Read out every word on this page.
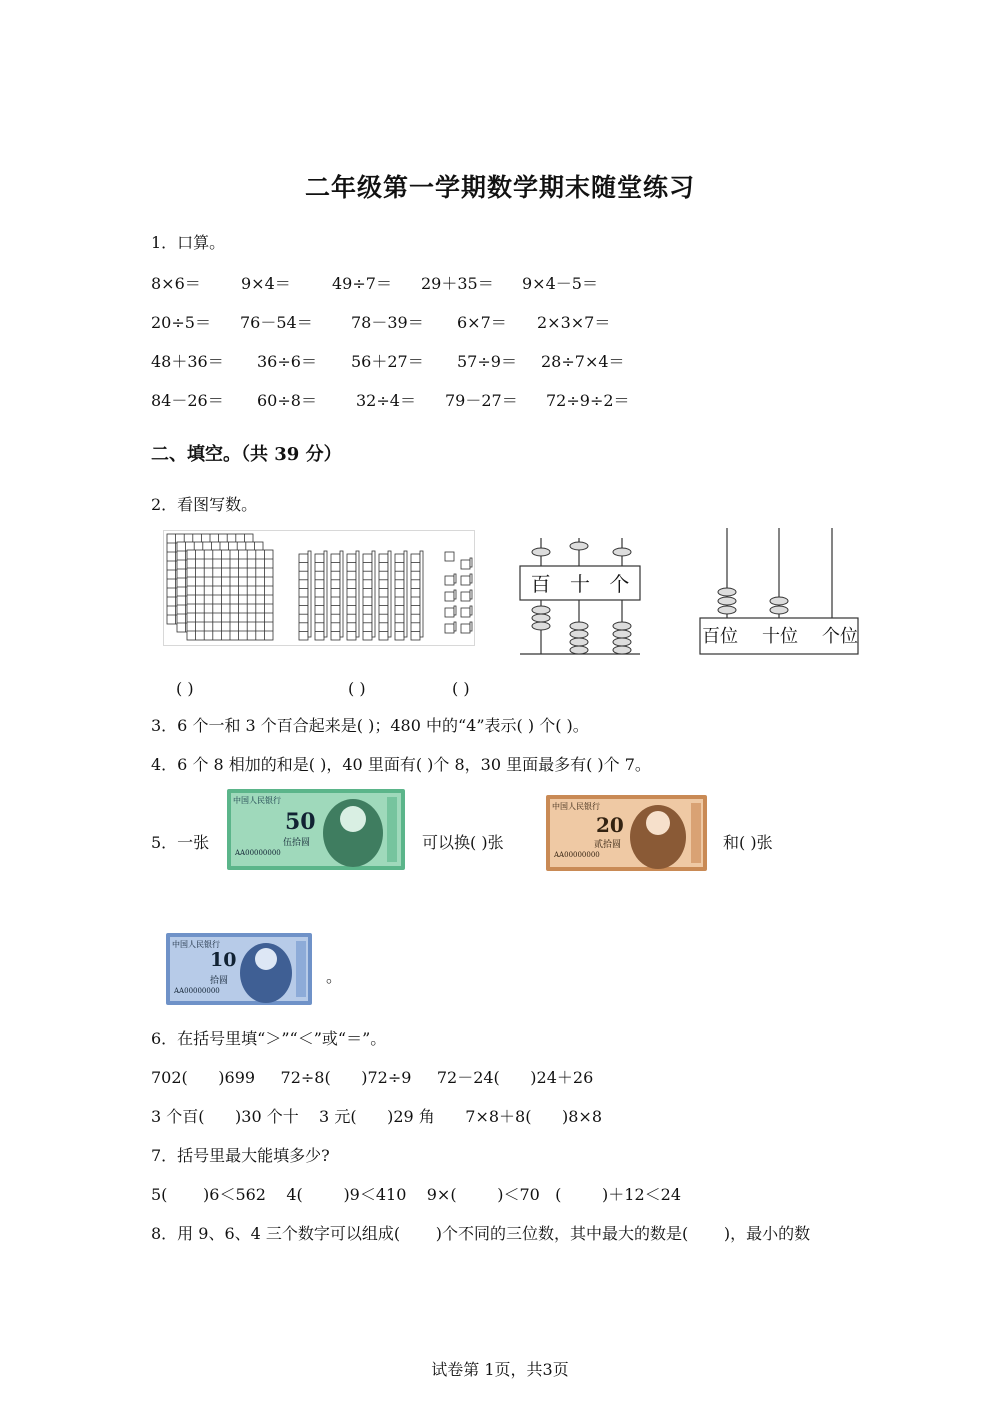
二年级第一学期数学期末随堂练习
1．口算。
8×6＝	9×4＝	49÷7＝ 29＋35＝ 9×4－5＝
20÷5＝ 76－54＝ 78－39＝ 6×7＝ 2×3×7＝
48＋36＝ 36÷6＝ 56＋27＝ 57÷9＝ 28÷7×4＝
84－26＝ 60÷8＝ 32÷4＝ 79－27＝ 72÷9÷2＝
二、填空。（共 39 分）
2．看图写数。
百 十 个
百位 十位 个位
( )	( )	( )
3．6 个一和 3 个百合起来是( )；480 中的“4”表示( ) 个( )。
4．6 个 8 相加的和是( )，40 里面有( )个 8，30 里面最多有( )个 7。
5．一张
中国人民银行
50
伍拾圆
AA00000000
可以换( )张
中国人民银行
20
贰拾圆
AA00000000
和( )张
中国人民银行
10
拾圆
AA00000000
。
6．在括号里填“＞”“＜”或“＝”。
702(      )699     72÷8(      )72÷9     72－24(      )24＋26
3 个百(      )30 个十    3 元(      )29 角      7×8＋8(      )8×8
7．括号里最大能填多少?
5(       )6＜562    4(        )9＜410    9×(        )＜70   (        )＋12＜24
8．用 9、6、4 三个数字可以组成(       )个不同的三位数，其中最大的数是(       )，最小的数
试卷第 1页，共3页
